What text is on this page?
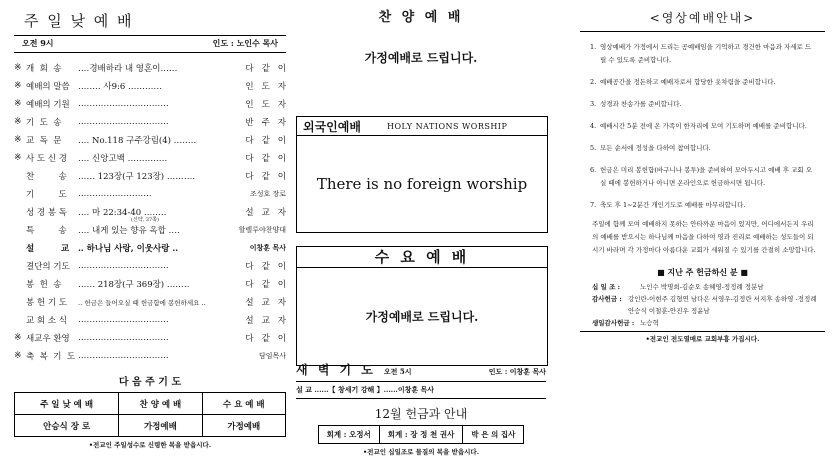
주 일 낮 예 배
오전 9시	인도 : 노인수 목사
※ 개  회  송	‥‥경배하라 내 영혼이‥‥‥	다같이
※ 예배의 말씀 ‥‥‥‥ 사9:6 ‥‥‥‥‥‥	인도자
※ 예배의 기원 ‥‥‥‥‥‥‥‥‥‥‥‥‥‥‥‥	인도자
※ 기  도  송	‥‥‥‥‥‥‥‥‥‥‥‥‥‥‥‥	반주자
※ 교  독  문	‥‥ No.118 구주강림(4) ‥‥‥‥	다같이
※ 사 도 신 경	‥‥ 신앙고백 ‥‥‥‥‥‥‥	다같이
찬         송	‥‥‥ 123장(구 123장) ‥‥‥‥‥	다같이
기         도	‥‥‥‥‥‥‥‥‥‥‥‥‥	조성호 장로
성 경 봉 독	‥‥ 마 22:34-40 ‥‥‥‥	설교자
(신약, 37쪽)
특         송	‥‥ 내게 있는 향유 옥합 ‥‥	할렐루야찬양대
설         교	‥ 하나님 사랑, 이웃사랑 ‥	이창훈 목사
결단의 기도 ‥‥‥‥‥‥‥‥‥‥‥‥‥‥‥‥	다같이
봉  헌  송	‥‥‥ 218장(구 369장) ‥‥‥‥	다같이
봉 헌 기 도	‥ 헌금은 들어오실 때 헌금함에 봉헌하세요 ‥	설교자
교 회 소 식	‥‥‥‥‥‥‥‥‥‥‥‥‥‥‥‥	설교자
※ 새교우 환영 ‥‥‥‥‥‥‥‥‥‥‥‥‥‥‥‥	다같이
※ 축  복  기  도 ‥‥‥‥‥‥‥‥‥‥‥‥‥‥‥‥	담임목사
다 음 주 기 도
주 일 낮 예 배	찬 양 예 배	수 요 예 배
안승식 장 로	가정예배	가정예배
•전교인 주일성수로 신령한 복을 받읍시다.
찬 양 예 배
가정예배로 드립니다.
외국인예배	HOLY NATIONS WORSHIP
There is no foreign worship
수 요 예 배
가정예배로 드립니다.
새 벽 기 도 오전 5시	인도 : 이창훈 목사
설 교 ‥‥‥【 창세기 강해 】‥‥‥이창훈 목사
12월 헌금과 안내
회계 : 오정서	회계 : 장 정 천 권사	박 은 의 집사
•전교인 십일조로 물질의 복을 받읍시다.
<영상예배안내>
1. 영상예배가 가정에서 드리는 공예배임을 기억하고 경건한 마음과 자세로 드릴 수 있도록 준비합니다.
2. 예배공간을 정돈하고 예배자로서 합당한 옷차림을 준비합니다.
3. 성경과 찬송가를 준비합니다.
4. 예배시간 5분 전에 온 가족이 한자리에 모여 기도하며 예배를 준비합니다.
5. 모든 순서에 정성을 다하여 참여합니다.
6. 헌금은 미리 봉헌함(바구니나 봉투)을 준비하여 모아두시고 예배 후 교회 오실 때에 봉헌하거나 아니면 온라인으로 헌금하시면 됩니다.
7. 축도 후 1~2분간 개인기도로 예배를 마무리합니다.
주일에 함께 모여 예배하지 못하는 안타까운 마음이 있지만, 어디에서든지 우리의 예배를 받으시는 하나님께 마음을 다하여 영과 진리로 예배하는 성도들이 되시기 바라며 각 가정마다 아름다운 교회가 세워질 수 있기를 간절히 소망합니다.
■ 지난 주 헌금하신 분 ■
십 일 조 :	노인수 박명희-김순오 송혜영-정정례 정분남
감사헌금 : 강인란-이현주 김형연 남다은 서영우-김정란 서지후 송하영 -정정례 안승식 이철훈-안진우 정윤남
생일감사헌금 : 노승혁
•전교인 전도열매로 교회부흥 가집시다.
